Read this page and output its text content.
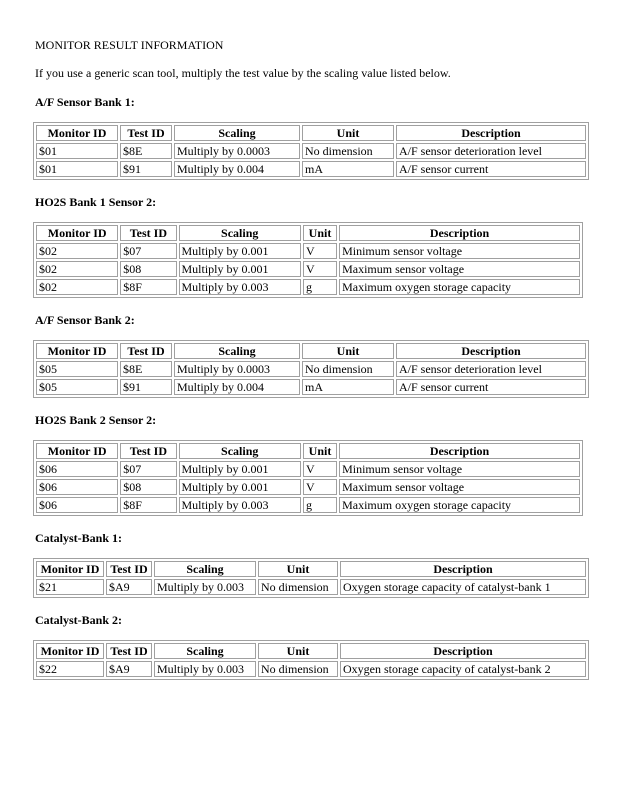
MONITOR RESULT INFORMATION

If you use a generic scan tool, multiply the test value by the scaling value listed below.

A/F Sensor Bank 1:
Monitor ID	Test ID	Scaling	Unit	Description
$01	$8E	Multiply by 0.0003	No dimension	A/F sensor deterioration level
$01	$91	Multiply by 0.004	mA	A/F sensor current
HO2S Bank 1 Sensor 2:
Monitor ID	Test ID	Scaling	Unit	Description
$02	$07	Multiply by 0.001	V	Minimum sensor voltage
$02	$08	Multiply by 0.001	V	Maximum sensor voltage
$02	$8F	Multiply by 0.003	g	Maximum oxygen storage capacity
A/F Sensor Bank 2:
Monitor ID	Test ID	Scaling	Unit	Description
$05	$8E	Multiply by 0.0003	No dimension	A/F sensor deterioration level
$05	$91	Multiply by 0.004	mA	A/F sensor current
HO2S Bank 2 Sensor 2:
Monitor ID	Test ID	Scaling	Unit	Description
$06	$07	Multiply by 0.001	V	Minimum sensor voltage
$06	$08	Multiply by 0.001	V	Maximum sensor voltage
$06	$8F	Multiply by 0.003	g	Maximum oxygen storage capacity
Catalyst-Bank 1:
Monitor ID	Test ID	Scaling	Unit	Description
$21	$A9	Multiply by 0.003	No dimension	Oxygen storage capacity of catalyst-bank 1
Catalyst-Bank 2:
Monitor ID	Test ID	Scaling	Unit	Description
$22	$A9	Multiply by 0.003	No dimension	Oxygen storage capacity of catalyst-bank 2
